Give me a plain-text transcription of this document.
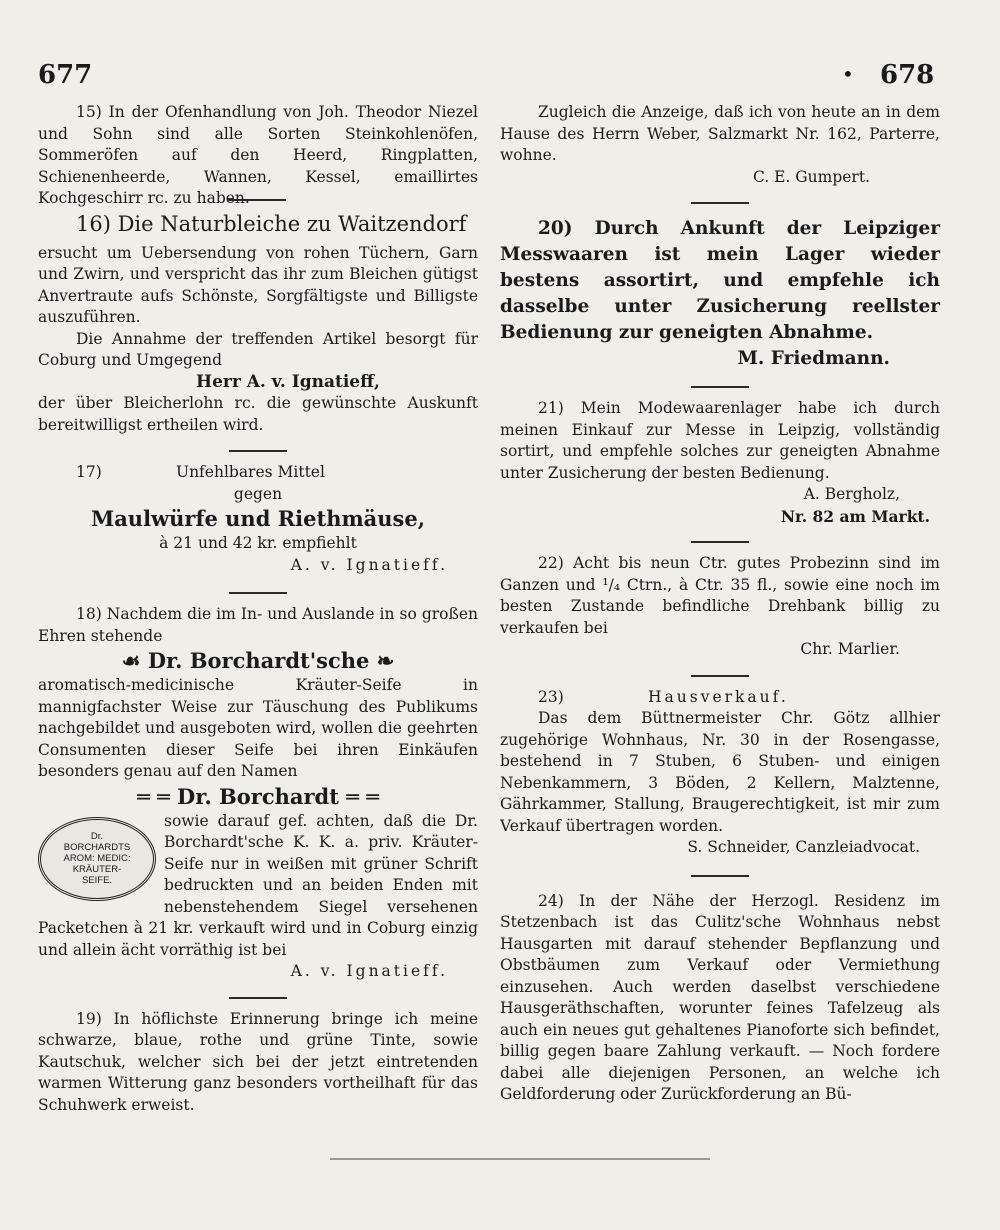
677	• 678

15) In der Ofenhandlung von Joh. Theodor Niezel und Sohn sind alle Sorten Steinkohlenöfen, Sommeröfen auf den Heerd, Ringplatten, Schienenheerde, Wannen, Kessel, emaillirtes Kochgeschirr rc. zu haben.

16) Die Naturbleiche zu Waitzendorf

ersucht um Uebersendung von rohen Tüchern, Garn und Zwirn, und verspricht das ihr zum Bleichen gütigst Anvertraute aufs Schönste, Sorgfältigste und Billigste auszuführen.

Die Annahme der treffenden Artikel besorgt für Coburg und Umgegend

Herr A. v. Ignatieff,

der über Bleicherlohn rc. die gewünschte Auskunft bereitwilligst ertheilen wird.

17)	Unfehlbares Mittel

gegen

Maulwürfe und Riethmäuse,

à 21 und 42 kr. empfiehlt

A. v. Ignatieff.

18) Nachdem die im In- und Auslande in so großen Ehren stehende

☙ Dr. Borchardt'sche ❧

aromatisch-medicinische Kräuter-Seife in mannigfachster Weise zur Täuschung des Publikums nachgebildet und ausgeboten wird, wollen die geehrten Consumenten dieser Seife bei ihren Einkäufen besonders genau auf den Namen

═ ═ Dr. Borchardt ═ ═

Dr.
BORCHARDTS
AROM: MEDIC:
KRÄUTER-
SEIFE.

sowie darauf gef. achten, daß die Dr. Borchardt'sche K. K. a. priv. Kräuter-Seife nur in weißen mit grüner Schrift bedruckten und an beiden Enden mit nebenstehendem Siegel versehenen Packetchen à 21 kr. verkauft wird und in Coburg einzig und allein ächt vorräthig ist bei

A. v. Ignatieff.

19) In höflichste Erinnerung bringe ich meine schwarze, blaue, rothe und grüne Tinte, sowie Kautschuk, welcher sich bei der jetzt eintretenden warmen Witterung ganz besonders vortheilhaft für das Schuhwerk erweist.

Zugleich die Anzeige, daß ich von heute an in dem Hause des Herrn Weber, Salzmarkt Nr. 162, Parterre, wohne.

C. E. Gumpert.

20) Durch Ankunft der Leipziger Messwaaren ist mein Lager wieder bestens assortirt, und empfehle ich dasselbe unter Zusicherung reellster Bedienung zur geneigten Abnahme.

M. Friedmann.

21) Mein Modewaarenlager habe ich durch meinen Einkauf zur Messe in Leipzig, vollständig sortirt, und empfehle solches zur geneigten Abnahme unter Zusicherung der besten Bedienung.

A. Bergholz,

Nr. 82 am Markt.

22) Acht bis neun Ctr. gutes Probezinn sind im Ganzen und ¹/₄ Ctrn., à Ctr. 35 fl., sowie eine noch im besten Zustande befindliche Drehbank billig zu verkaufen bei

Chr. Marlier.

23)	Hausverkauf.

Das dem Büttnermeister Chr. Götz allhier zugehörige Wohnhaus, Nr. 30 in der Rosengasse, bestehend in 7 Stuben, 6 Stuben- und einigen Nebenkammern, 3 Böden, 2 Kellern, Malztenne, Gährkammer, Stallung, Braugerechtigkeit, ist mir zum Verkauf übertragen worden.

S. Schneider, Canzleiadvocat.

24) In der Nähe der Herzogl. Residenz im Stetzenbach ist das Culitz'sche Wohnhaus nebst Hausgarten mit darauf stehender Bepflanzung und Obstbäumen zum Verkauf oder Vermiethung einzusehen. Auch werden daselbst verschiedene Hausgeräthschaften, worunter feines Tafelzeug als auch ein neues gut gehaltenes Pianoforte sich befindet, billig gegen baare Zahlung verkauft. — Noch fordere dabei alle diejenigen Personen, an welche ich Geldforderung oder Zurückforderung an Bü-
